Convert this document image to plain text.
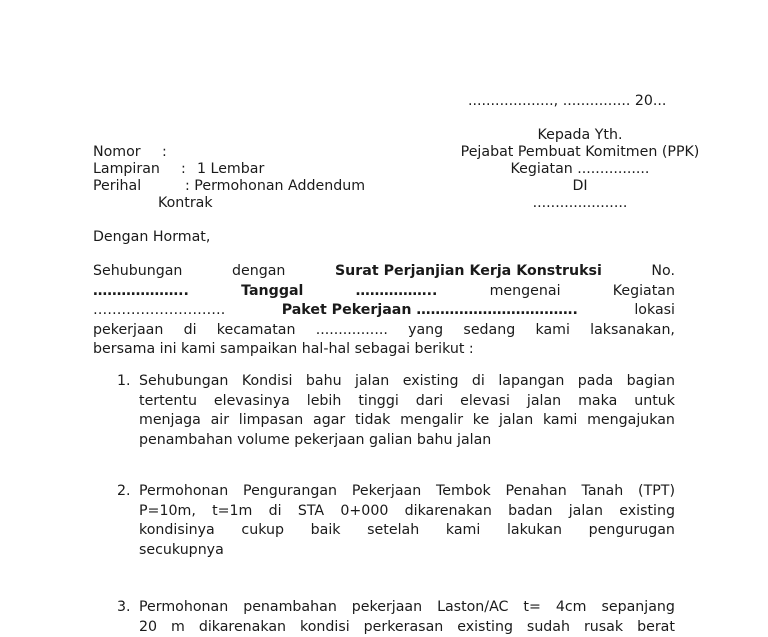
..................., ............... 20...
Kepada Yth.
Pejabat Pembuat Komitmen (PPK)
Kegiatan ................
DI
.....................
Nomor :
Lampiran : 1 Lembar
Perihal	: Permohonan Addendum
Kontrak
Dengan Hormat,
Sehubungan	dengan	Surat Perjanjian Kerja Konstruksi	No.
………………..	Tanggal	……………..	mengenai	Kegiatan
……………………….	Paket Pekerjaan …………………………….	lokasi
pekerjaan di kecamatan ................ yang sedang kami laksanakan,
bersama ini kami sampaikan hal-hal sebagai berikut :
1. Sehubungan Kondisi bahu jalan existing di lapangan pada bagian
tertentu elevasinya lebih tinggi dari elevasi jalan maka untuk
menjaga air limpasan agar tidak mengalir ke jalan kami mengajukan
penambahan volume pekerjaan galian bahu jalan
2. Permohonan Pengurangan Pekerjaan Tembok Penahan Tanah (TPT)
P=10m, t=1m di STA 0+000 dikarenakan badan jalan existing
kondisinya cukup baik setelah kami lakukan pengurugan
secukupnya
3. Permohonan penambahan pekerjaan Laston/AC t= 4cm sepanjang
20 m dikarenakan kondisi perkerasan existing sudah rusak berat
